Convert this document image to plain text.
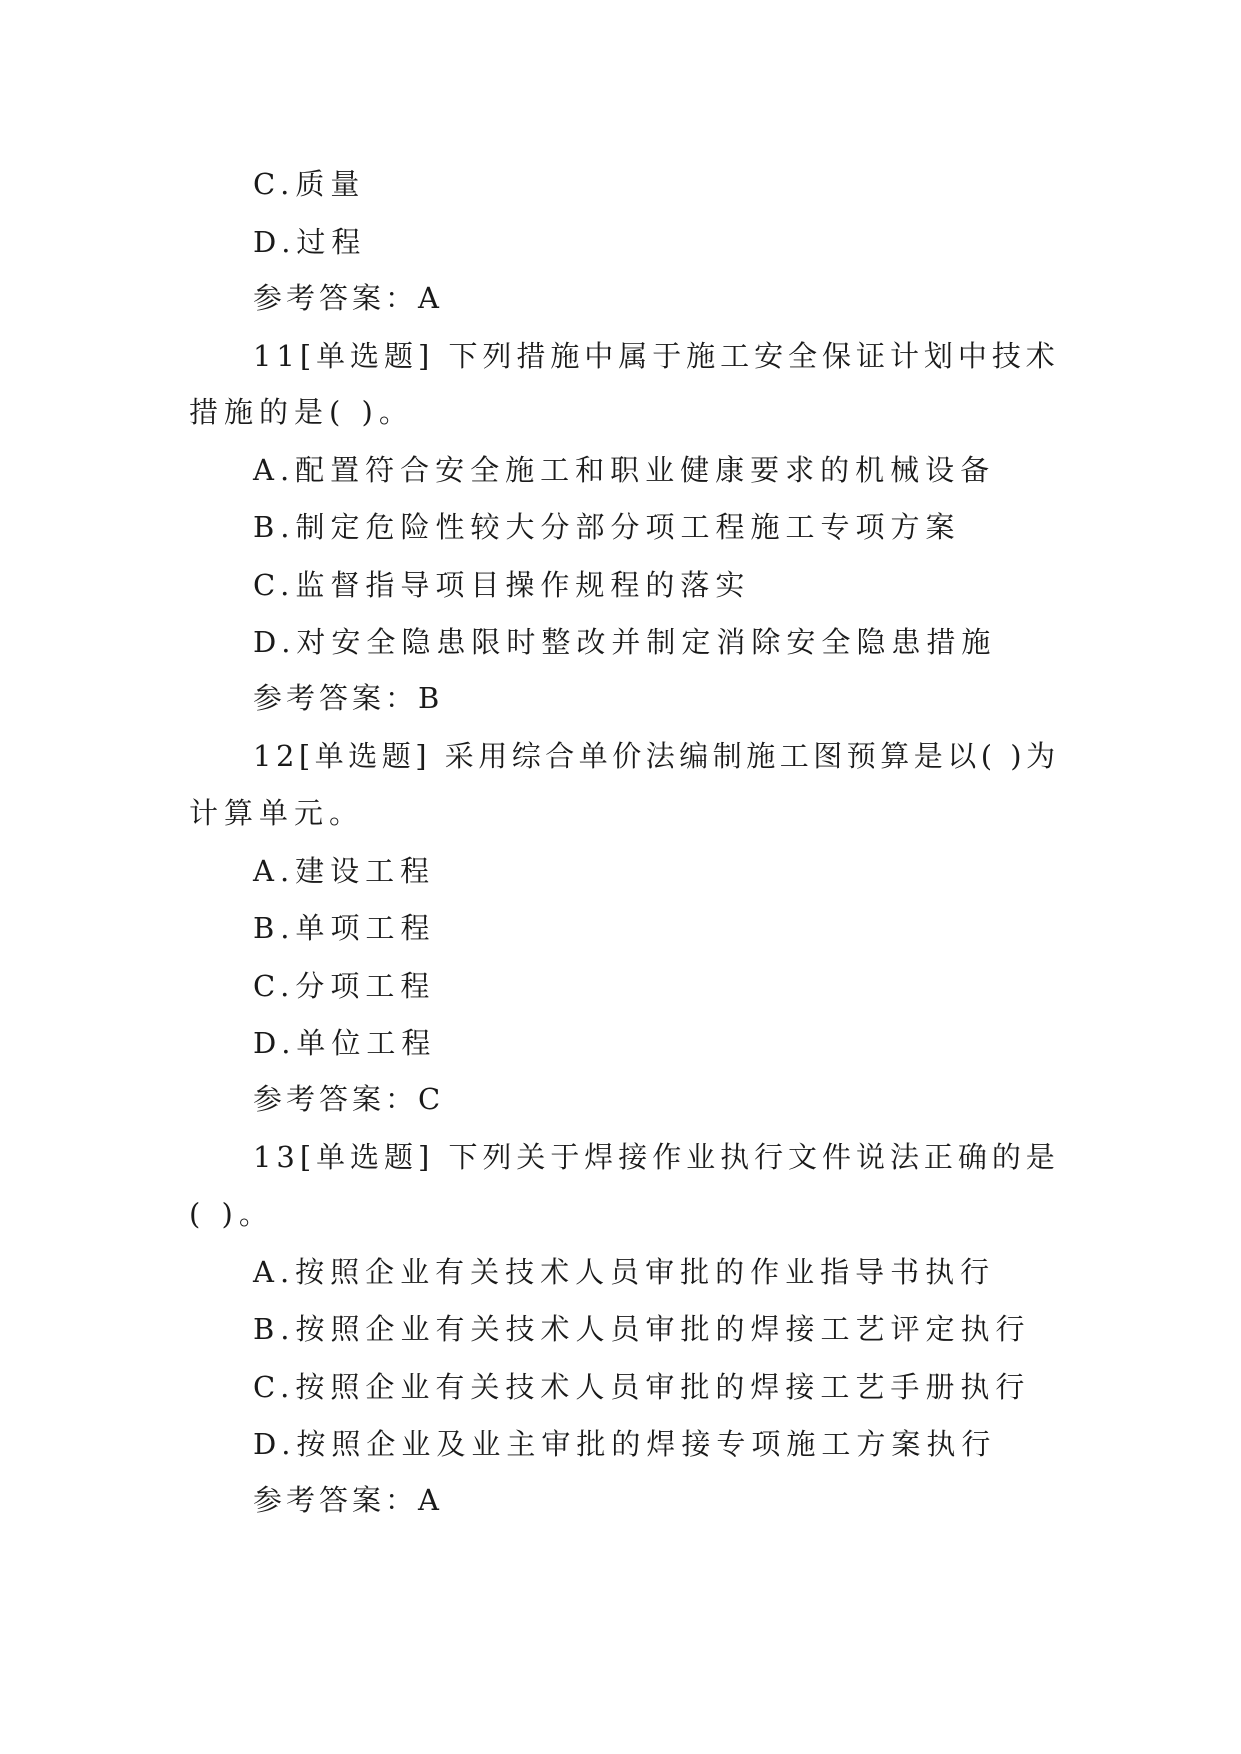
C.质量
D.过程
参考答案：A
11[单选题] 下列措施中属于施工安全保证计划中技术
措施的是( )。
A.配置符合安全施工和职业健康要求的机械设备
B.制定危险性较大分部分项工程施工专项方案
C.监督指导项目操作规程的落实
D.对安全隐患限时整改并制定消除安全隐患措施
参考答案：B
12[单选题] 采用综合单价法编制施工图预算是以( )为
计算单元。
A.建设工程
B.单项工程
C.分项工程
D.单位工程
参考答案：C
13[单选题] 下列关于焊接作业执行文件说法正确的是
( )。
A.按照企业有关技术人员审批的作业指导书执行
B.按照企业有关技术人员审批的焊接工艺评定执行
C.按照企业有关技术人员审批的焊接工艺手册执行
D.按照企业及业主审批的焊接专项施工方案执行
参考答案：A
